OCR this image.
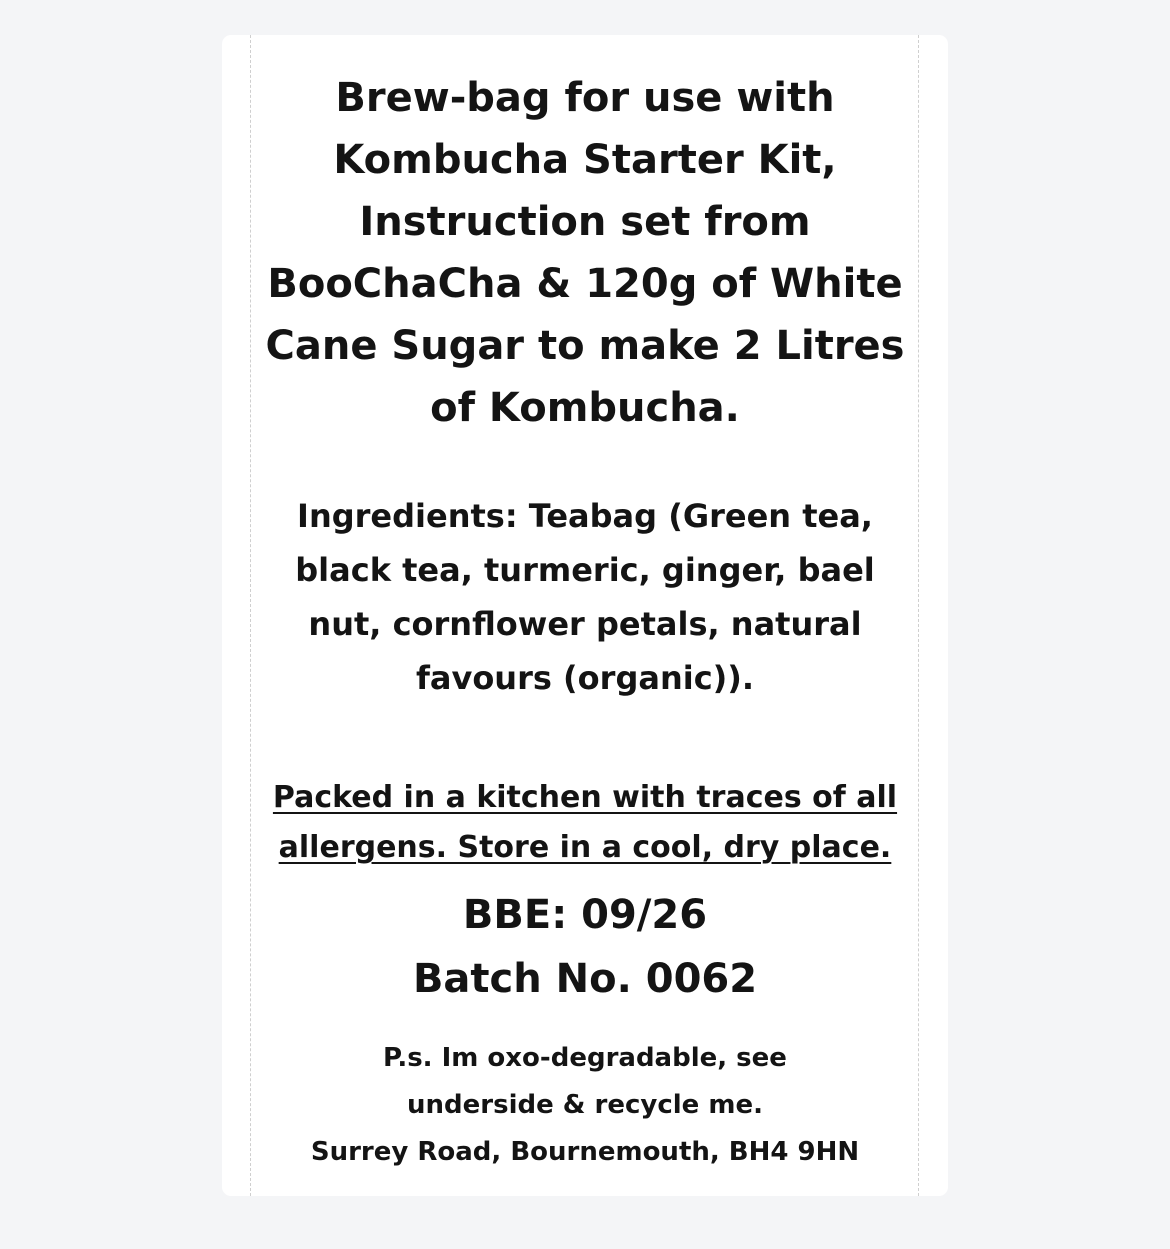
Brew-bag for use with
Kombucha Starter Kit,
Instruction set from
BooChaCha & 120g of White
Cane Sugar to make 2 Litres
of Kombucha.
Ingredients: Teabag (Green tea,
black tea, turmeric, ginger, bael
nut, cornflower petals, natural
favours (organic)).
Packed in a kitchen with traces of all
allergens. Store in a cool, dry place.
BBE: 09/26
Batch No. 0062
P.s. Im oxo-degradable, see
underside & recycle me.
Surrey Road, Bournemouth, BH4 9HN
